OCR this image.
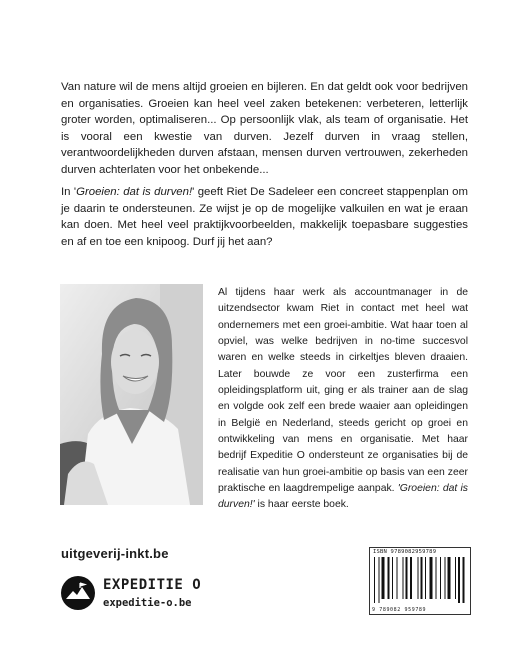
Van nature wil de mens altijd groeien en bijleren. En dat geldt ook voor bedrijven en organisaties. Groeien kan heel veel zaken betekenen: verbeteren, letterlijk groter worden, optimaliseren... Op persoonlijk vlak, als team of organisatie. Het is vooral een kwestie van durven. Jezelf durven in vraag stellen, verantwoordelijkheden durven afstaan, mensen durven vertrouwen, zekerheden durven achterlaten voor het onbekende...

In 'Groeien: dat is durven!' geeft Riet De Sadeleer een concreet stappenplan om je daarin te ondersteunen. Ze wijst je op de mogelijke valkuilen en wat je eraan kan doen. Met heel veel praktijkvoorbeelden, makkelijk toepasbare suggesties en af en toe een knipoog. Durf jij het aan?

Al tijdens haar werk als accountmanager in de uitzendsector kwam Riet in contact met heel wat ondernemers met een groei-ambitie. Wat haar toen al opviel, was welke bedrijven in no-time succesvol waren en welke steeds in cirkeltjes bleven draaien. Later bouwde ze voor een zusterfirma een opleidingsplatform uit, ging er als trainer aan de slag en volgde ook zelf een brede waaier aan opleidingen in België en Nederland, steeds gericht op groei en ontwikkeling van mens en organisatie. Met haar bedrijf Expeditie O ondersteunt ze organisaties bij de realisatie van hun groei-ambitie op basis van een zeer praktische en laagdrempelige aanpak. 'Groeien: dat is durven!' is haar eerste boek.

uitgeverij-inkt.be
EXPEDITIE O
expeditie-o.be
ISBN 9789082959789
9 789082 959789
